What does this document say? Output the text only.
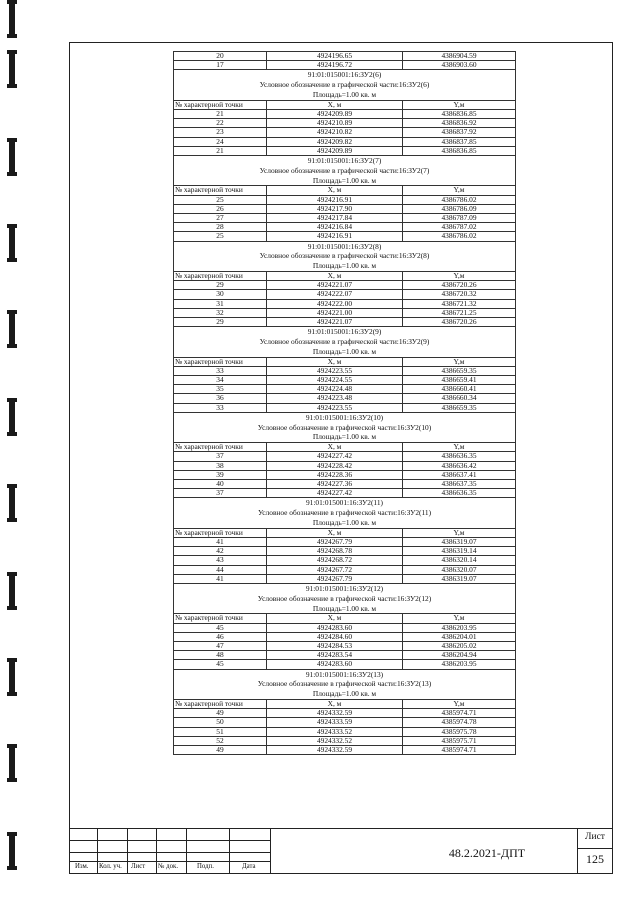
20	4924196.65	4386904.59
17	4924196.72	4386903.60
91:01:015001:16:ЗУ2(6)		
Условное обозначение в графической части:16:ЗУ2(6)		
Площадь=1.00 кв. м		
№ характерной точки	X, м	Y,м
21	4924209.89	4386836.85
22	4924210.89	4386836.92
23	4924210.82	4386837.92
24	4924209.82	4386837.85
21	4924209.89	4386836.85
91:01:015001:16:ЗУ2(7)		
Условное обозначение в графической части:16:ЗУ2(7)		
Площадь=1.00 кв. м		
№ характерной точки	X, м	Y,м
25	4924216.91	4386786.02
26	4924217.90	4386786.09
27	4924217.84	4386787.09
28	4924216.84	4386787.02
25	4924216.91	4386786.02
91:01:015001:16:ЗУ2(8)		
Условное обозначение в графической части:16:ЗУ2(8)		
Площадь=1.00 кв. м		
№ характерной точки	X, м	Y,м
29	4924221.07	4386720.26
30	4924222.07	4386720.32
31	4924222.00	4386721.32
32	4924221.00	4386721.25
29	4924221.07	4386720.26
91:01:015001:16:ЗУ2(9)		
Условное обозначение в графической части:16:ЗУ2(9)		
Площадь=1.00 кв. м		
№ характерной точки	X, м	Y,м
33	4924223.55	4386659.35
34	4924224.55	4386659.41
35	4924224.48	4386660.41
36	4924223.48	4386660.34
33	4924223.55	4386659.35
91:01:015001:16:ЗУ2(10)		
Условное обозначение в графической части:16:ЗУ2(10)		
Площадь=1.00 кв. м		
№ характерной точки	X, м	Y,м
37	4924227.42	4386636.35
38	4924228.42	4386636.42
39	4924228.36	4386637.41
40	4924227.36	4386637.35
37	4924227.42	4386636.35
91:01:015001:16:ЗУ2(11)		
Условное обозначение в графической части:16:ЗУ2(11)		
Площадь=1.00 кв. м		
№ характерной точки	X, м	Y,м
41	4924267.79	4386319.07
42	4924268.78	4386319.14
43	4924268.72	4386320.14
44	4924267.72	4386320.07
41	4924267.79	4386319.07
91:01:015001:16:ЗУ2(12)		
Условное обозначение в графической части:16:ЗУ2(12)		
Площадь=1.00 кв. м		
№ характерной точки	X, м	Y,м
45	4924283.60	4386203.95
46	4924284.60	4386204.01
47	4924284.53	4386205.02
48	4924283.54	4386204.94
45	4924283.60	4386203.95
91:01:015001:16:ЗУ2(13)		
Условное обозначение в графической части:16:ЗУ2(13)		
Площадь=1.00 кв. м		
№ характерной точки	X, м	Y,м
49	4924332.59	4385974.71
50	4924333.59	4385974.78
51	4924333.52	4385975.78
52	4924332.52	4385975.71
49	4924332.59	4385974.71
Изм. Кол. уч. Лист № док.	Подп.	Дата
48.2.2021-ДПТ
Лист
125
